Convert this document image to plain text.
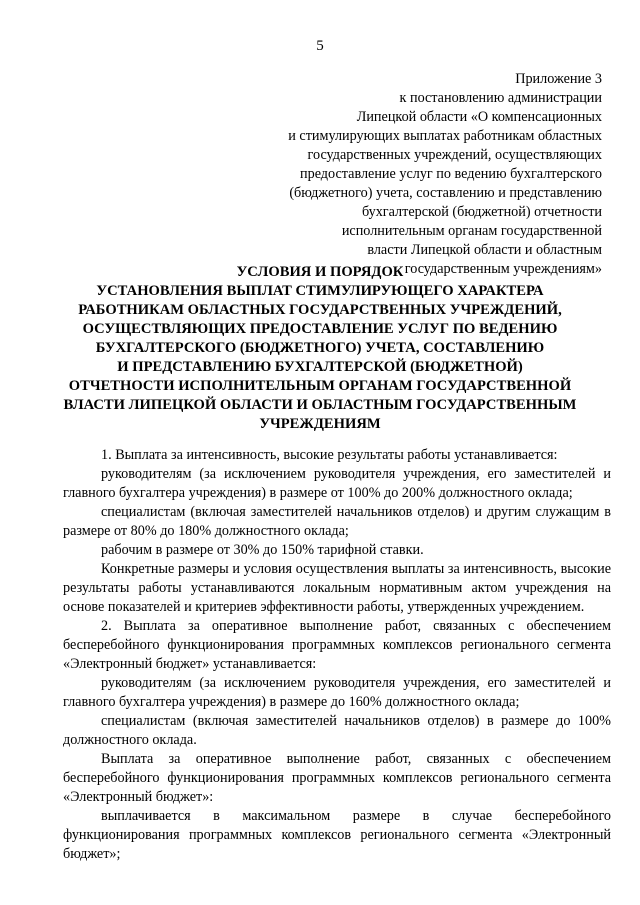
5
Приложение 3
к постановлению администрации
Липецкой области «О компенсационных
и стимулирующих выплатах работникам областных
государственных учреждений, осуществляющих
предоставление услуг по ведению бухгалтерского
(бюджетного) учета, составлению и представлению
бухгалтерской (бюджетной) отчетности
исполнительным органам государственной
власти Липецкой области и областным
государственным учреждениям»
УСЛОВИЯ И ПОРЯДОК
УСТАНОВЛЕНИЯ ВЫПЛАТ СТИМУЛИРУЮЩЕГО ХАРАКТЕРА
РАБОТНИКАМ ОБЛАСТНЫХ ГОСУДАРСТВЕННЫХ УЧРЕЖДЕНИЙ,
ОСУЩЕСТВЛЯЮЩИХ ПРЕДОСТАВЛЕНИЕ УСЛУГ ПО ВЕДЕНИЮ
БУХГАЛТЕРСКОГО (БЮДЖЕТНОГО) УЧЕТА, СОСТАВЛЕНИЮ
И ПРЕДСТАВЛЕНИЮ БУХГАЛТЕРСКОЙ (БЮДЖЕТНОЙ)
ОТЧЕТНОСТИ ИСПОЛНИТЕЛЬНЫМ ОРГАНАМ ГОСУДАРСТВЕННОЙ
ВЛАСТИ ЛИПЕЦКОЙ ОБЛАСТИ И ОБЛАСТНЫМ ГОСУДАРСТВЕННЫМ
УЧРЕЖДЕНИЯМ

1. Выплата за интенсивность, высокие результаты работы устанавливается:

руководителям (за исключением руководителя учреждения, его заместителей и главного бухгалтера учреждения) в размере от 100% до 200% должностного оклада;

специалистам (включая заместителей начальников отделов) и другим служащим в размере от 80% до 180% должностного оклада;

рабочим в размере от 30% до 150% тарифной ставки.

Конкретные размеры и условия осуществления выплаты за интенсивность, высокие результаты работы устанавливаются локальным нормативным актом учреждения на основе показателей и критериев эффективности работы, утвержденных учреждением.

2. Выплата за оперативное выполнение работ, связанных с обеспечением бесперебойного функционирования программных комплексов регионального сегмента «Электронный бюджет» устанавливается:

руководителям (за исключением руководителя учреждения, его заместителей и главного бухгалтера учреждения) в размере до 160% должностного оклада;

специалистам (включая заместителей начальников отделов) в размере до 100% должностного оклада.

Выплата за оперативное выполнение работ, связанных с обеспечением бесперебойного функционирования программных комплексов регионального сегмента «Электронный бюджет»:

выплачивается в максимальном размере в случае бесперебойного функционирования программных комплексов регионального сегмента «Электронный бюджет»;
